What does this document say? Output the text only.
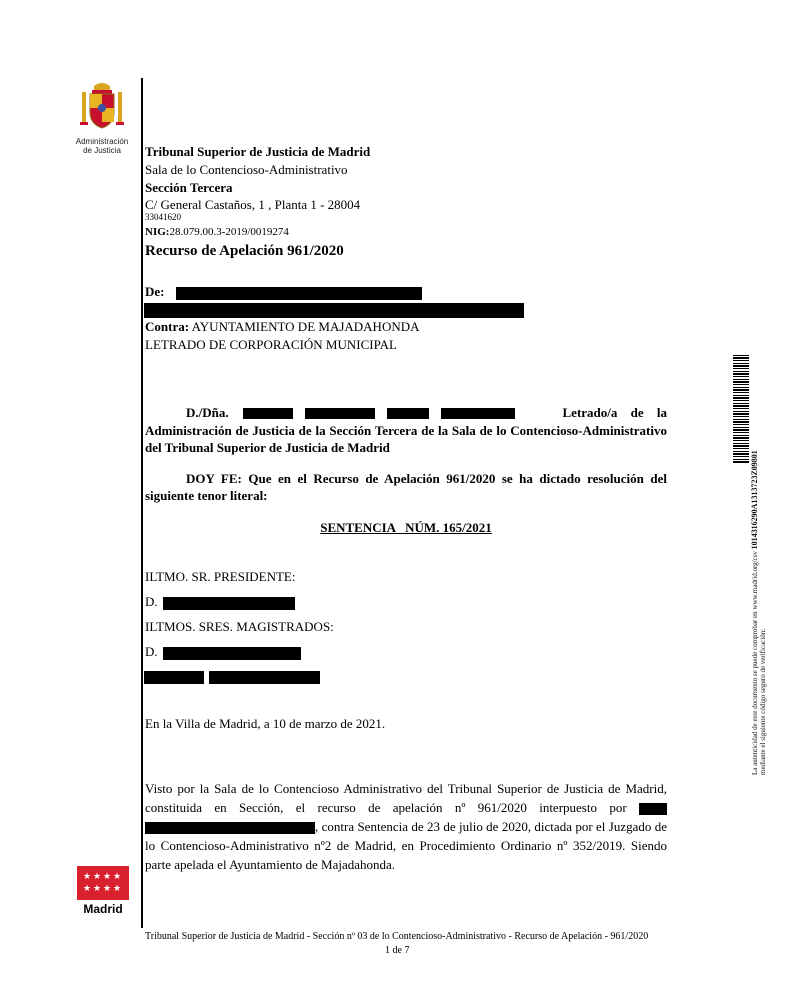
Administración
de Justicia
★ ★ ★ ★
★ ★ ★ ★
Madrid
Tribunal Superior de Justicia de Madrid
Sala de lo Contencioso-Administrativo
Sección Tercera
C/ General Castaños, 1 , Planta 1 - 28004
33041620
NIG:28.079.00.3-2019/0019274
Recurso de Apelación 961/2020
De:
Contra: AYUNTAMIENTO DE MAJADAHONDA
LETRADO DE CORPORACIÓN MUNICIPAL
D./Dña.	Letrado/a de la
Administración de Justicia de la Sección Tercera de la Sala de lo Contencioso-Administrativo del Tribunal Superior de Justicia de Madrid
DOY FE: Que en el Recurso de Apelación 961/2020 se ha dictado resolución del siguiente tenor literal:
SENTENCIA   NÚM. 165/2021
ILTMO. SR. PRESIDENTE:
D.
ILTMOS. SRES. MAGISTRADOS:
D.
En la Villa de Madrid, a 10 de marzo de 2021.
Visto por la Sala de lo Contencioso Administrativo del Tribunal Superior de Justicia de Madrid, constituida en Sección, el recurso de apelación nº 961/2020 interpuesto por  , contra Sentencia de 23 de julio de 2020, dictada por el Juzgado de lo Contencioso-Administrativo nº2 de Madrid, en Procedimiento Ordinario nº 352/2019. Siendo parte apelada el Ayuntamiento de Majadahonda.
La autenticidad de este documento se puede comprobar en www.madrid.org/csv 1014316290A1313723Z09801
mediante el siguiente código seguro de verificación:
Tribunal Superior de Justicia de Madrid - Sección nº 03 de lo Contencioso-Administrativo - Recurso de Apelación - 961/2020
1 de 7
